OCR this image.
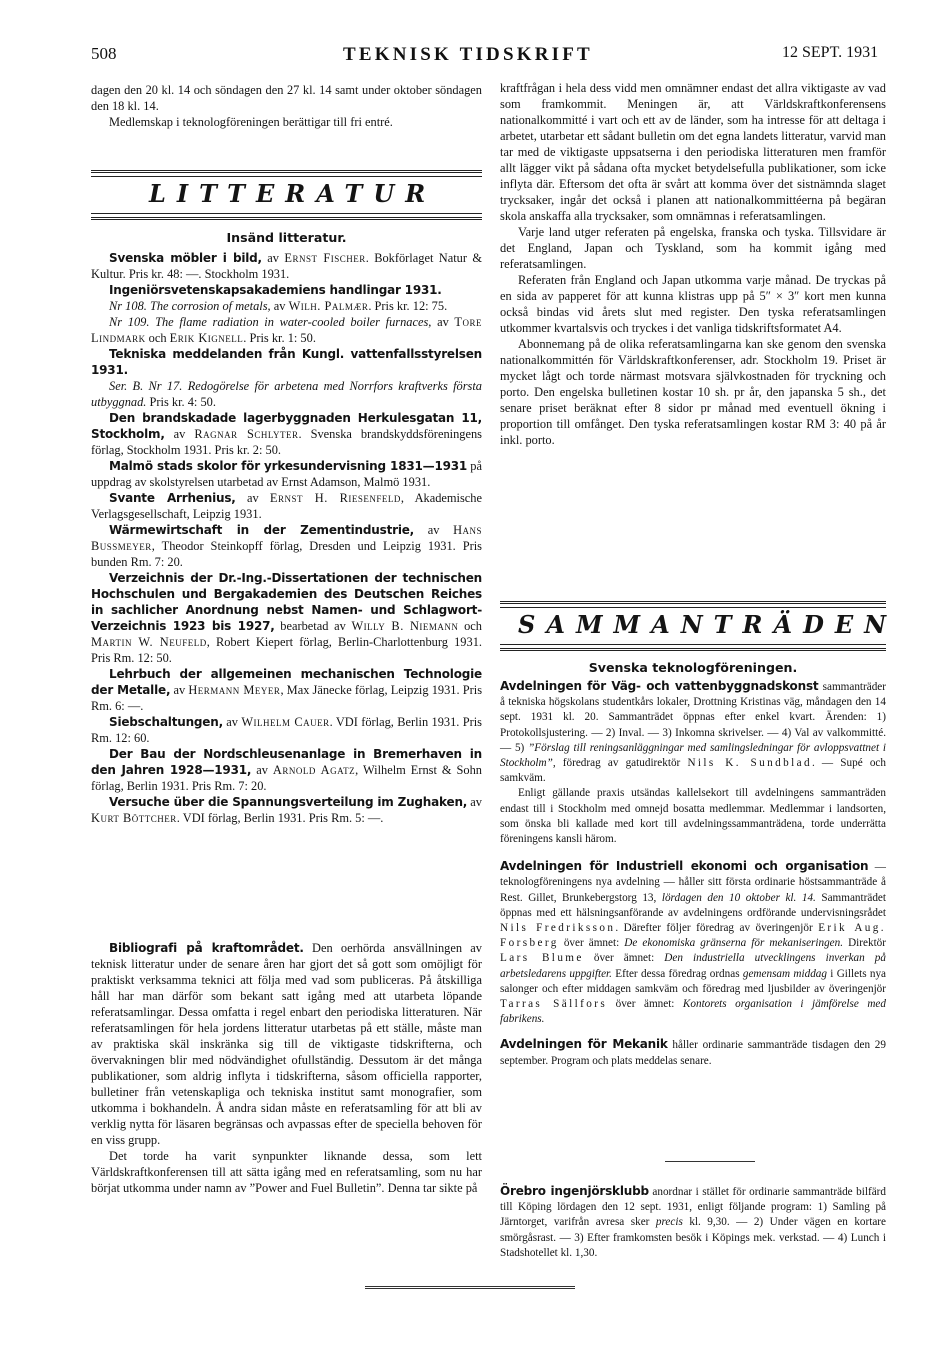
508	TEKNISK TIDSKRIFT	12 SEPT. 1931

dagen den 20 kl. 14 och söndagen den 27 kl. 14 samt under oktober söndagen den 18 kl. 14.

Medlemskap i teknologföreningen berättigar till fri entré.

LITTERATUR

Insänd litteratur.

Svenska möbler i bild, av Ernst Fischer. Bokförlaget Natur & Kultur. Pris kr. 48: —. Stockholm 1931.

Ingeniörsvetenskapsakademiens handlingar 1931.

Nr 108. The corrosion of metals, av Wilh. Palmær. Pris kr. 12: 75.

Nr 109. The flame radiation in water-cooled boiler furnaces, av Tore Lindmark och Erik Kignell. Pris kr. 1: 50.

Tekniska meddelanden från Kungl. vattenfallsstyrelsen 1931.

Ser. B. Nr 17. Redogörelse för arbetena med Norrfors kraftverks första utbyggnad. Pris kr. 4: 50.

Den brandskadade lagerbyggnaden Herkulesgatan 11, Stockholm, av Ragnar Schlyter. Svenska brandskyddsföreningens förlag, Stockholm 1931. Pris kr. 2: 50.

Malmö stads skolor för yrkesundervisning 1831—1931 på uppdrag av skolstyrelsen utarbetad av Ernst Adamson, Malmö 1931.

Svante Arrhenius, av Ernst H. Riesenfeld, Akademische Verlagsgesellschaft, Leipzig 1931.

Wärmewirtschaft in der Zementindustrie, av Hans Bussmeyer, Theodor Steinkopff förlag, Dresden und Leipzig 1931. Pris bunden Rm. 7: 20.

Verzeichnis der Dr.-Ing.-Dissertationen der technischen Hochschulen und Bergakademien des Deutschen Reiches in sachlicher Anordnung nebst Namen- und Schlagwort-Verzeichnis 1923 bis 1927, bearbetad av Willy B. Niemann och Martin W. Neufeld, Robert Kiepert förlag, Berlin-Charlottenburg 1931. Pris Rm. 12: 50.

Lehrbuch der allgemeinen mechanischen Technologie der Metalle, av Hermann Meyer, Max Jänecke förlag, Leipzig 1931. Pris Rm. 6: —.

Siebschaltungen, av Wilhelm Cauer. VDI förlag, Berlin 1931. Pris Rm. 12: 60.

Der Bau der Nordschleusenanlage in Bremerhaven in den Jahren 1928—1931, av Arnold Agatz, Wilhelm Ernst & Sohn förlag, Berlin 1931. Pris Rm. 7: 20.

Versuche über die Spannungsverteilung im Zughaken, av Kurt Böttcher. VDI förlag, Berlin 1931. Pris Rm. 5: —.

Bibliografi på kraftområdet. Den oerhörda ansvällningen av teknisk litteratur under de senare åren har gjort det så gott som omöjligt för praktiskt verksamma teknici att följa med vad som publiceras. På åtskilliga håll har man därför som bekant satt igång med att utarbeta löpande referatsamlingar. Dessa omfatta i regel enbart den periodiska litteraturen. När referatsamlingen för hela jordens litteratur utarbetas på ett ställe, måste man av praktiska skäl inskränka sig till de viktigaste tidskrifterna, och övervakningen blir med nödvändighet ofullständig. Dessutom är det många publikationer, som aldrig inflyta i tidskrifterna, såsom officiella rapporter, bulletiner från vetenskapliga och tekniska institut samt monografier, som utkomma i bokhandeln. Å andra sidan måste en referatsamling för att bli av verklig nytta för läsaren begränsas och avpassas efter de speciella behoven för en viss grupp.

Det torde ha varit synpunkter liknande dessa, som lett Världskraftkonferensen till att sätta igång med en referatsamling, som nu har börjat utkomma under namn av ”Power and Fuel Bulletin”. Denna tar sikte på

kraftfrågan i hela dess vidd men omnämner endast det allra viktigaste av vad som framkommit. Meningen är, att Världskraftkonferensens nationalkommitté i vart och ett av de länder, som ha intresse för att deltaga i arbetet, utarbetar ett sådant bulletin om det egna landets litteratur, varvid man tar med de viktigaste uppsatserna i den periodiska litteraturen men framför allt lägger vikt på sådana ofta mycket betydelsefulla publikationer, som icke inflyta där. Eftersom det ofta är svårt att komma över det sistnämnda slaget trycksaker, ingår det också i planen att nationalkommittéerna på begäran skola anskaffa alla trycksaker, som omnämnas i referatsamlingen.

Varje land utger referaten på engelska, franska och tyska. Tillsvidare är det England, Japan och Tyskland, som ha kommit igång med referatsamlingen.

Referaten från England och Japan utkomma varje månad. De tryckas på en sida av papperet för att kunna klistras upp på 5″ × 3″ kort men kunna också bindas vid årets slut med register. Den tyska referatsamlingen utkommer kvartalsvis och tryckes i det vanliga tidskriftsformatet A4.

Abonnemang på de olika referatsamlingarna kan ske genom den svenska nationalkommittén för Världskraftkonferenser, adr. Stockholm 19. Priset är mycket lågt och torde närmast motsvara självkostnaden för tryckning och porto. Den engelska bulletinen kostar 10 sh. pr år, den japanska 5 sh., det senare priset beräknat efter 8 sidor pr månad med eventuell ökning i proportion till omfånget. Den tyska referatsamlingen kostar RM 3: 40 på år inkl. porto.

SAMMANTRÄDEN

Svenska teknologföreningen.

Avdelningen för Väg- och vattenbyggnadskonst sammanträder å tekniska högskolans studentkårs lokaler, Drottning Kristinas väg, måndagen den 14 sept. 1931 kl. 20. Sammanträdet öppnas efter enkel kvart. Ärenden: 1) Protokollsjustering. — 2) Inval. — 3) Inkomna skrivelser. — 4) Val av valkommitté. — 5) ”Förslag till reningsanläggningar med samlingsledningar för avloppsvattnet i Stockholm”, föredrag av gatudirektör Nils K. Sundblad. — Supé och samkväm.

Enligt gällande praxis utsändas kallelsekort till avdelningens sammanträden endast till i Stockholm med omnejd bosatta medlemmar. Medlemmar i landsorten, som önska bli kallade med kort till avdelningssammanträdena, torde underrätta föreningens kansli härom.

Avdelningen för Industriell ekonomi och organisation — teknologföreningens nya avdelning — håller sitt första ordinarie höstsammanträde å Rest. Gillet, Brunkebergstorg 13, lördagen den 10 oktober kl. 14. Sammanträdet öppnas med ett hälsningsanförande av avdelningens ordförande undervisningsrådet Nils Fredriksson. Därefter följer föredrag av överingenjör Erik Aug. Forsberg över ämnet: De ekonomiska gränserna för mekaniseringen. Direktör Lars Blume över ämnet: Den industriella utvecklingens inverkan på arbetsledarens uppgifter. Efter dessa föredrag ordnas gemensam middag i Gillets nya salonger och efter middagen samkväm och föredrag med ljusbilder av överingenjör Tarras Sällfors över ämnet: Kontorets organisation i jämförelse med fabrikens.

Avdelningen för Mekanik håller ordinarie sammanträde tisdagen den 29 september. Program och plats meddelas senare.

Örebro ingenjörsklubb anordnar i stället för ordinarie sammanträde bilfärd till Köping lördagen den 12 sept. 1931, enligt följande program: 1) Samling på Järntorget, varifrån avresa sker precis kl. 9,30. — 2) Under vägen en kortare smörgåsrast. — 3) Efter framkomsten besök i Köpings mek. verkstad. — 4) Lunch i Stadshotellet kl. 1,30.
